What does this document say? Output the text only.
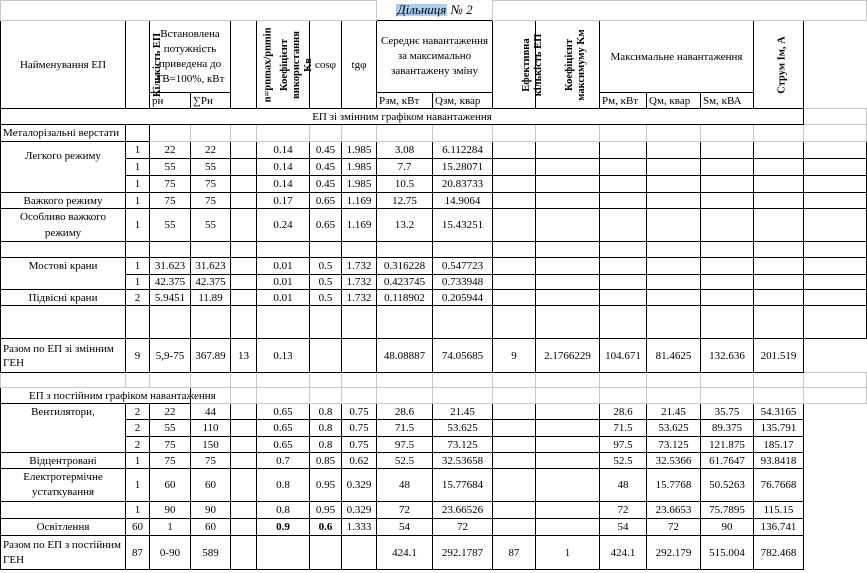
								Дільниця № 2								
Найменування ЕП	Кількість ЕП	Встановлена потужність приведена до ТВ=100%, кВт		n=pnmax/pnmin	Коефіцієнт використання Kв	cosφ	tgφ	Середнє навантаження за максимально завантажену зміну		Ефективна кількість ЕП	Коефіцієнт максимуму Kм	Максимальне навантаження			Струм Iм, А	
		pн	∑Pн					Pзм, кВт	Qзм, квар			Pм, кВт	Qм, квар	Sм, кВА		
ЕП зі змінним графіком навантаження																
Металорізальні верстати																
Легкого режиму	1	22	22		0.14	0.45	1.985	3.08	6.112284							
	1	55	55		0.14	0.45	1.985	7.7	15.28071							
	1	75	75		0.14	0.45	1.985	10.5	20.83733							
Важкого режиму	1	75	75		0.17	0.65	1.169	12.75	14.9064							
Особливо важкого режиму	1	55	55		0.24	0.65	1.169	13.2	15.43251							

Мостові крани	1	31.623	31.623		0.01	0.5	1.732	0.316228	0.547723							
	1	42.375	42.375		0.01	0.5	1.732	0.423745	0.733948							
Підвісні крани	2	5.9451	11.89		0.01	0.5	1.732	0.118902	0.205944							

Разом по ЕП зі змінним ГЕН	9	5,9-75	367.89	13	0.13			48.08887	74.05685	9	2.1766229	104.671	81.4625	132.636	201.519	

ЕП з постійним графіком навантаження																
Вентилятори,	2	22	44		0.65	0.8	0.75	28.6	21.45			28.6	21.45	35.75	54.3165	
	2	55	110		0.65	0.8	0.75	71.5	53.625			71.5	53.625	89.375	135.791	
	2	75	150		0.65	0.8	0.75	97.5	73.125			97.5	73.125	121.875	185.17	
Відцентровані	1	75	75		0.7	0.85	0.62	52.5	32.53658			52.5	32.5366	61.7647	93.8418	
Електротермічне устаткування	1	60	60		0.8	0.95	0.329	48	15.77684			48	15.7768	50.5263	76.7668	
	1	90	90		0.8	0.95	0.329	72	23.66526			72	23.6653	75.7895	115.15	
Освітлення	60	1	60		0.9	0.6	1.333	54	72			54	72	90	136.741	
Разом по ЕП з постійним ГЕН	87	0-90	589					424.1	292.1787	87	1	424.1	292.179	515.004	782.468	
